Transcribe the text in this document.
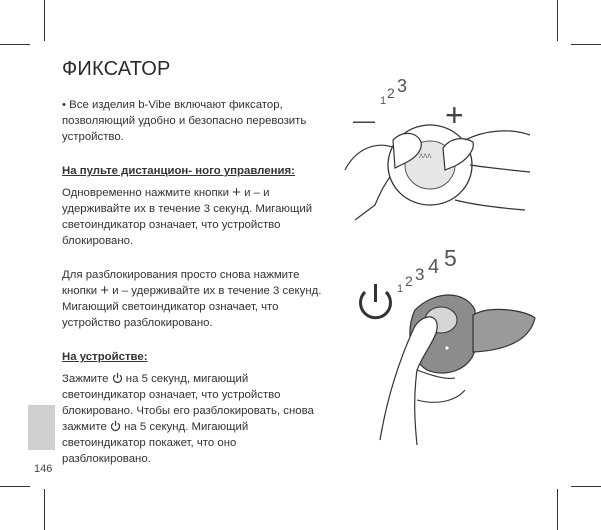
ФИКСАТОР

• Все изделия b-Vibe включают фиксатор, позволяющий удобно и безопасно перевозить устройство.

На пульте дистанцион- ного управления:

Одновременно нажмите кнопки + и – и удерживайте их в течение 3 секунд. Мигающий светоиндикатор означает, что устройство блокировано.

Для разблокирования просто снова нажмите кнопки + и – удерживайте их в течение 3 секунд. Мигающий светоиндикатор означает, что устройство разблокировано.

На устройстве:

Зажмите на 5 секунд, мигающий светоиндикатор означает, что устройство блокировано. Чтобы его разблокировать, снова зажмите на 5 секунд. Мигающий светоиндикатор покажет, что оно разблокировано.

1 2 3
— +
ᐱᐱᐱ
1 2 3 4 5
146
